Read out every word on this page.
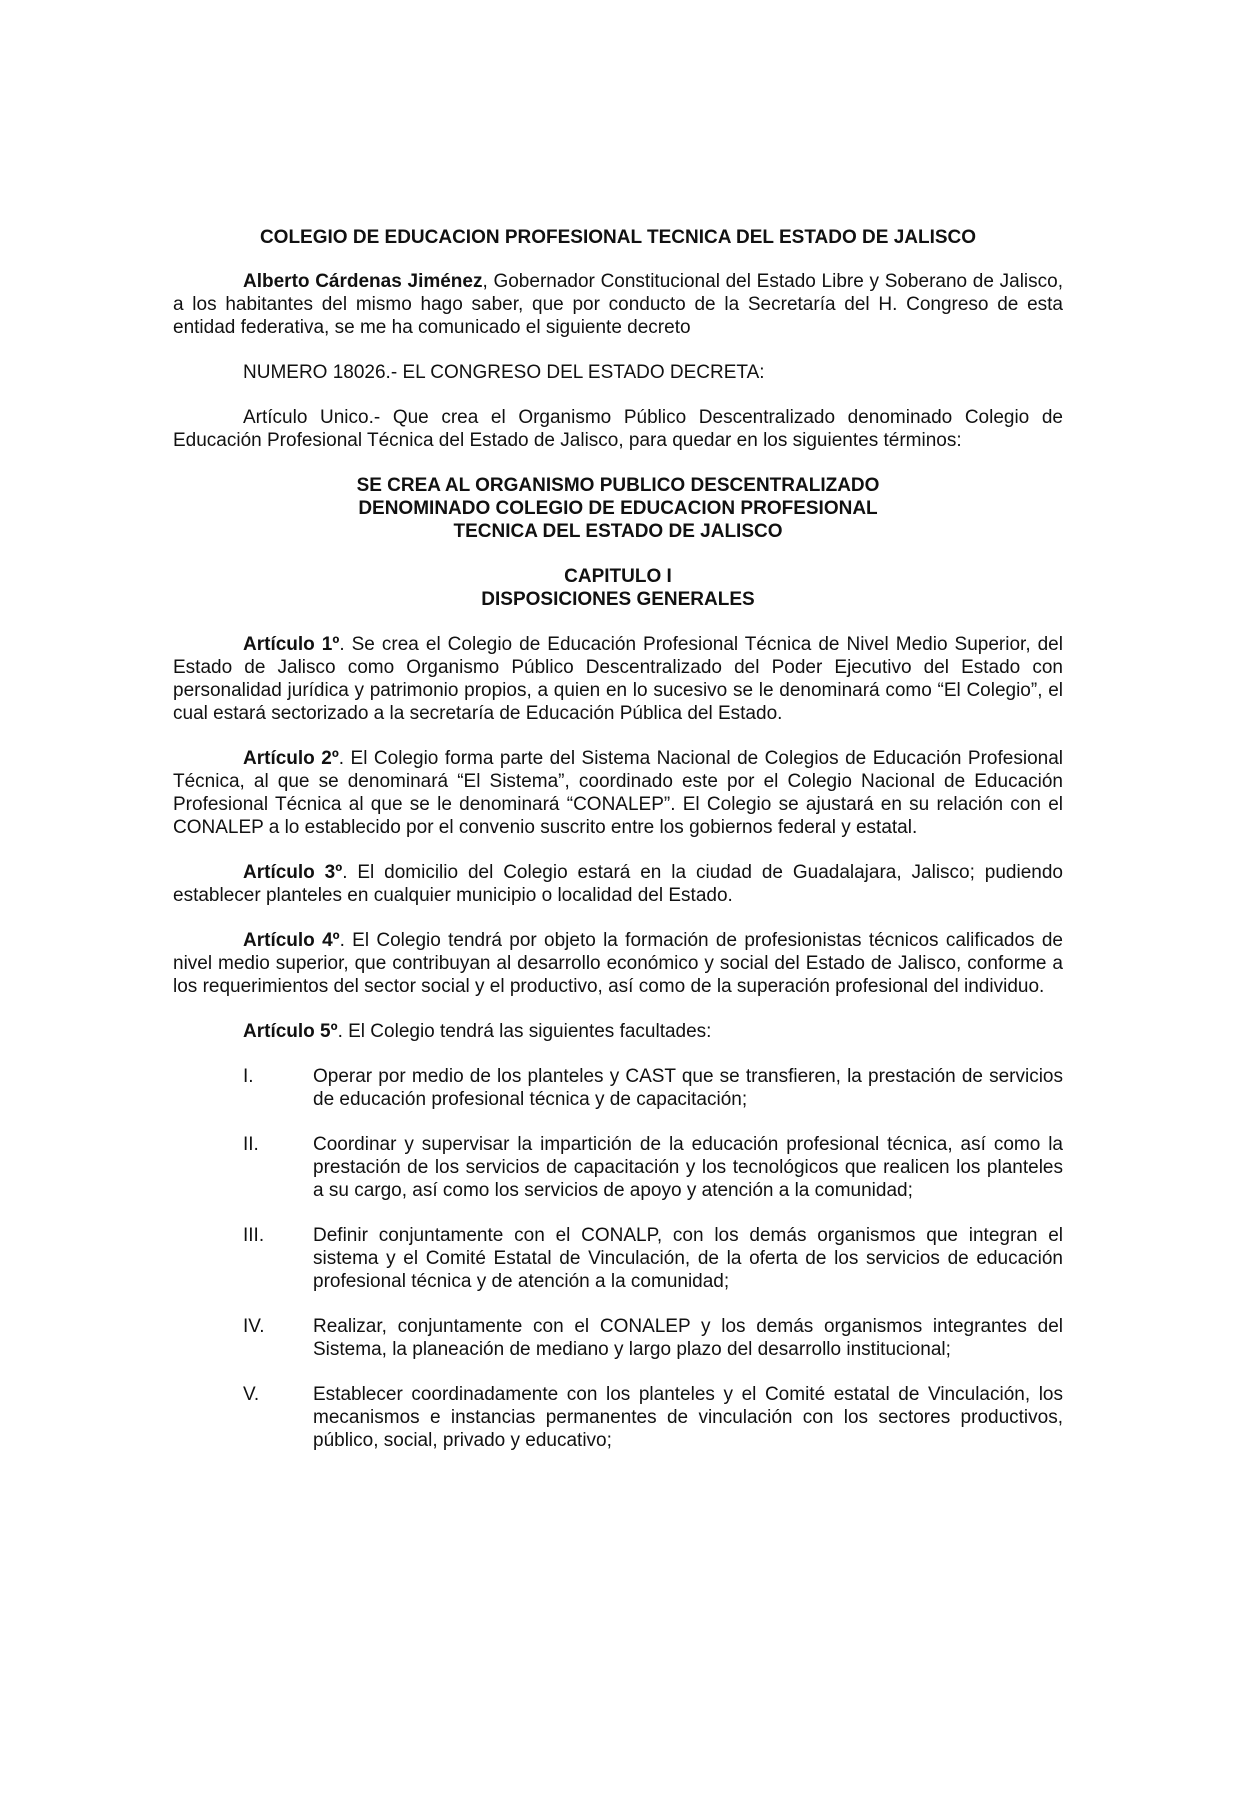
COLEGIO DE EDUCACION PROFESIONAL TECNICA DEL ESTADO DE JALISCO

Alberto Cárdenas Jiménez, Gobernador Constitucional del Estado Libre y Soberano de Jalisco, a los habitantes del mismo hago saber, que por conducto de la Secretaría del H. Congreso de esta entidad federativa, se me ha comunicado el siguiente decreto

NUMERO 18026.- EL CONGRESO DEL ESTADO DECRETA:

Artículo Unico.- Que crea el Organismo Público Descentralizado denominado Colegio de Educación Profesional Técnica del Estado de Jalisco, para quedar en los siguientes términos:

SE CREA AL ORGANISMO PUBLICO DESCENTRALIZADO
DENOMINADO COLEGIO DE EDUCACION PROFESIONAL
TECNICA DEL ESTADO DE JALISCO
CAPITULO I
DISPOSICIONES GENERALES

Artículo 1º. Se crea el Colegio de Educación Profesional Técnica de Nivel Medio Superior, del Estado de Jalisco como Organismo Público Descentralizado del Poder Ejecutivo del Estado con personalidad jurídica y patrimonio propios, a quien en lo sucesivo se le denominará como “El Colegio”, el cual estará sectorizado a la secretaría de Educación Pública del Estado.

Artículo 2º. El Colegio forma parte del Sistema Nacional de Colegios de Educación Profesional Técnica, al que se denominará “El Sistema”, coordinado este por el Colegio Nacional de Educación Profesional Técnica al que se le denominará “CONALEP”. El Colegio se ajustará en su relación con el CONALEP a lo establecido por el convenio suscrito entre los gobiernos federal y estatal.

Artículo 3º. El domicilio del Colegio estará en la ciudad de Guadalajara, Jalisco; pudiendo establecer planteles en cualquier municipio o localidad del Estado.

Artículo 4º. El Colegio tendrá por objeto la formación de profesionistas técnicos calificados de nivel medio superior, que contribuyan al desarrollo económico y social del Estado de Jalisco, conforme a los requerimientos del sector social y el productivo, así como de la superación profesional del individuo.

Artículo 5º. El Colegio tendrá las siguientes facultades:

I.	Operar por medio de los planteles y CAST que se transfieren, la prestación de servicios de educación profesional técnica y de capacitación;
II.	Coordinar y supervisar la impartición de la educación profesional técnica, así como la prestación de los servicios de capacitación y los tecnológicos que realicen los planteles a su cargo, así como los servicios de apoyo y atención a la comunidad;
III.	Definir conjuntamente con el CONALP, con los demás organismos que integran el sistema y el Comité Estatal de Vinculación, de la oferta de los servicios de educación profesional técnica y de atención a la comunidad;
IV.	Realizar, conjuntamente con el CONALEP y los demás organismos integrantes del Sistema, la planeación de mediano y largo plazo del desarrollo institucional;
V.	Establecer coordinadamente con los planteles y el Comité estatal de Vinculación, los mecanismos e instancias permanentes de vinculación con los sectores productivos, público, social, privado y educativo;
